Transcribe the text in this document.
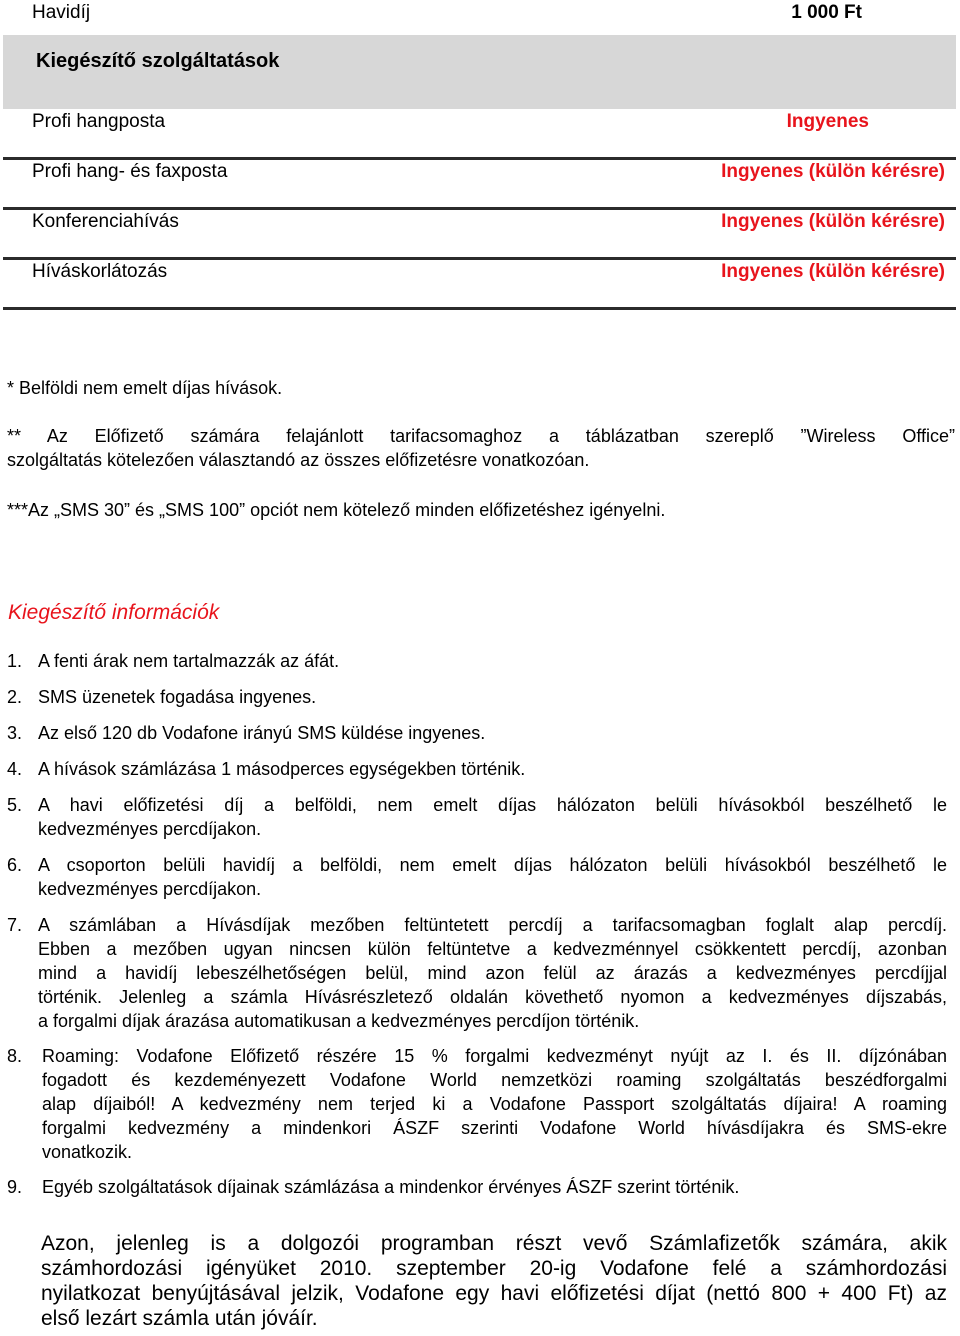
Havidíj	1 000 Ft
Kiegészítő szolgáltatások
Profi hangposta	Ingyenes
Profi hang- és faxposta	Ingyenes (külön kérésre)
Konferenciahívás	Ingyenes (külön kérésre)
Híváskorlátozás	Ingyenes (külön kérésre)
* Belföldi nem emelt díjas hívások.
** Az Előfizető számára felajánlott tarifacsomaghoz a táblázatban szereplő ”Wireless Office”
szolgáltatás kötelezően választandó az összes előfizetésre vonatkozóan.
***Az „SMS 30” és „SMS 100” opciót nem kötelező minden előfizetéshez igényelni.
Kiegészítő információk
1. A fenti árak nem tartalmazzák az áfát.
2. SMS üzenetek fogadása ingyenes.
3. Az első 120 db Vodafone irányú SMS küldése ingyenes.
4. A hívások számlázása 1 másodperces egységekben történik.
5. A havi előfizetési díj a belföldi, nem emelt díjas hálózaton belüli hívásokból beszélhető le
kedvezményes percdíjakon.
6. A csoporton belüli havidíj a belföldi, nem emelt díjas hálózaton belüli hívásokból beszélhető le
kedvezményes percdíjakon.
7. A számlában a Hívásdíjak mezőben feltüntetett percdíj a tarifacsomagban foglalt alap percdíj.
Ebben a mezőben ugyan nincsen külön feltüntetve a kedvezménnyel csökkentett percdíj, azonban
mind a havidíj lebeszélhetőségen belül, mind azon felül az árazás a kedvezményes percdíjjal
történik. Jelenleg a számla Hívásrészletező oldalán követhető nyomon a kedvezményes díjszabás,
a forgalmi díjak árazása automatikusan a kedvezményes percdíjon történik.
8. Roaming: Vodafone Előfizető részére 15 % forgalmi kedvezményt nyújt az I. és II. díjzónában
fogadott és kezdeményezett Vodafone World nemzetközi roaming szolgáltatás beszédforgalmi
alap díjaiból! A kedvezmény nem terjed ki a Vodafone Passport szolgáltatás díjaira! A roaming
forgalmi kedvezmény a mindenkori ÁSZF szerinti Vodafone World hívásdíjakra és SMS-ekre
vonatkozik.
9. Egyéb szolgáltatások díjainak számlázása a mindenkor érvényes ÁSZF szerint történik.
Azon, jelenleg is a dolgozói programban részt vevő Számlafizetők számára, akik
számhordozási igényüket 2010. szeptember 20-ig Vodafone felé a számhordozási
nyilatkozat benyújtásával jelzik, Vodafone egy havi előfizetési díjat (nettó 800 + 400 Ft) az
első lezárt számla után jóváír.
